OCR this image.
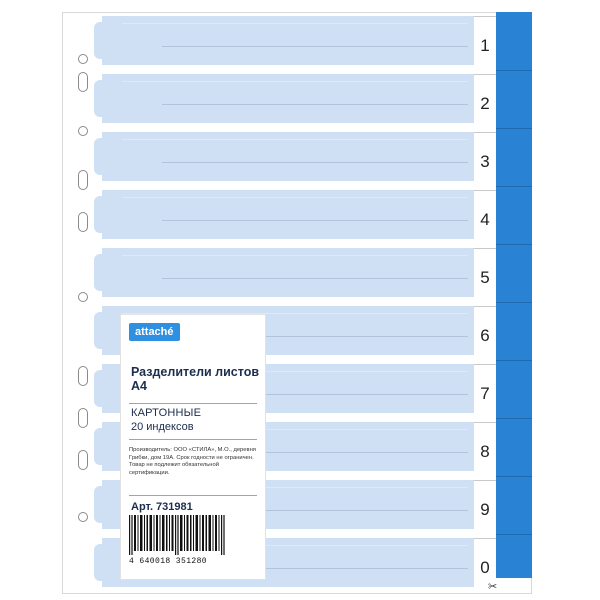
1
2
3
4
5
6
7
8
9
0
✂
attaché
Разделители листов А4
КАРТОННЫЕ
20 индексов
Производитель: ООО «СТИЛА», М.О., деревня Грибки, дом 19А. Срок годности не ограничен. Товар не подлежит обязательной сертификации.
Арт. 731981
4 640018 351280
